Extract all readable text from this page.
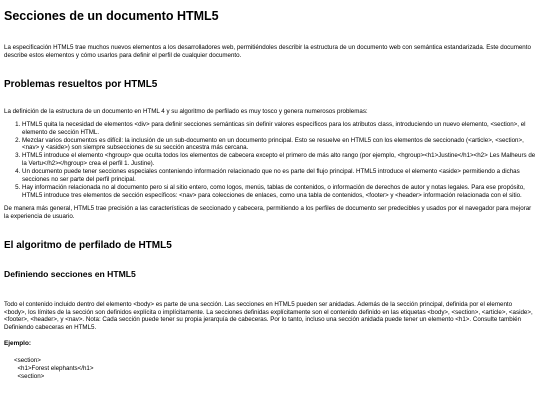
Secciones de un documento HTML5

La especificación HTML5 trae muchos nuevos elementos a los desarrolladores web, permitiéndoles describir la estructura de un documento web con semántica estandarizada. Este documento describe estos elementos y cómo usarlos para definir el perfil de cualquier documento.

Problemas resueltos por HTML5

La definición de la estructura de un documento en HTML 4 y su algoritmo de perfilado es muy tosco y genera numerosos problemas:

1. HTML5 quita la necesidad de elementos <div> para definir secciones semánticas sin definir valores específicos para los atributos class, introduciendo un nuevo elemento, <section>, el elemento de sección HTML.
2. Mezclar varios documentos es difícil: la inclusión de un sub-documento en un documento principal. Esto se resuelve en HTML5 con los elementos de seccionado (<article>, <section>, <nav> y <aside>) son siempre subsecciones de su sección ancestra más cercana.
3. HTML5 introduce el elemento <hgroup> que oculta todos los elementos de cabecera excepto el primero de más alto rango (por ejemplo, <hgroup><h1>Justine</h1><h2> Les Malheurs de la Vertu</h2></hgroup> crea el perfil 1. Justine).
4. Un documento puede tener secciones especiales conteniendo información relacionado que no es parte del flujo principal. HTML5 introduce el elemento <aside> permitiendo a dichas secciones no ser parte del perfil principal.
5. Hay información relacionada no al documento pero si al sitio entero, como logos, menús, tablas de contenidos, o información de derechos de autor y notas legales. Para ese propósito, HTML5 introduce tres elementos de sección específicos: <nav> para colecciones de enlaces, como una tabla de contenidos, <footer> y <header> información relacionada con el sitio.

De manera más general, HTML5 trae precisión a las características de seccionado y cabecera, permitiendo a los perfiles de documento ser predecibles y usados por el navegador para mejorar la experiencia de usuario.

El algoritmo de perfilado de HTML5
Definiendo secciones en HTML5

Todo el contenido incluido dentro del elemento <body> es parte de una sección. Las secciones en HTML5 pueden ser anidadas. Además de la sección principal, definida por el elemento <body>, los límites de la sección son definidos explícita o implícitamente. La secciones definidas explícitamente son el contenido definido en las etiquetas <body>, <section>, <article>, <aside>, <footer>, <header>, y <nav>. Nota: Cada sección puede tener su propia jerarquía de cabeceras. Por lo tanto, incluso una sección anidada puede tener un elemento <h1>. Consulte también Definiendo cabeceras en HTML5.

Ejemplo:
<section>
<h1>Forest elephants</h1>
<section>
